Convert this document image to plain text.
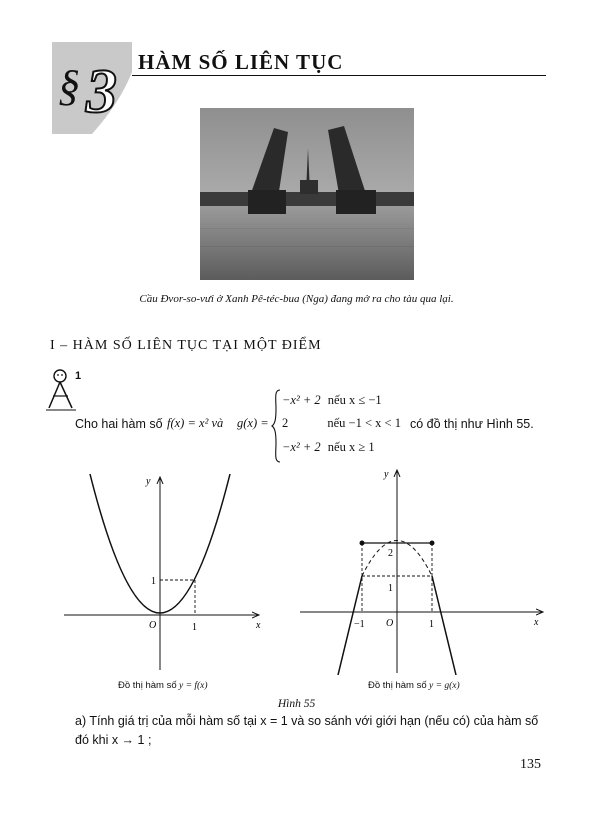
§ 3 HÀM SỐ LIÊN TỤC
Cầu Đvor-so-vưi ở Xanh Pê-téc-bua (Nga) đang mở ra cho tàu qua lại.
I – HÀM SỐ LIÊN TỤC TẠI MỘT ĐIỂM
1
Cho hai hàm số f(x) = x² và g(x) =
−x² + 2 nếu x ≤ −1
2	nếu −1 < x < 1
−x² + 2 nếu x ≥ 1
có đồ thị như Hình 55.
y
x
O	1
1
y
x
O
−1	1
1
2
Đồ thị hàm số y = f(x)	Đồ thị hàm số y = g(x)
Hình 55
a) Tính giá trị của mỗi hàm số tại x = 1 và so sánh với giới hạn (nếu có) của hàm số đó khi x → 1 ;
135
